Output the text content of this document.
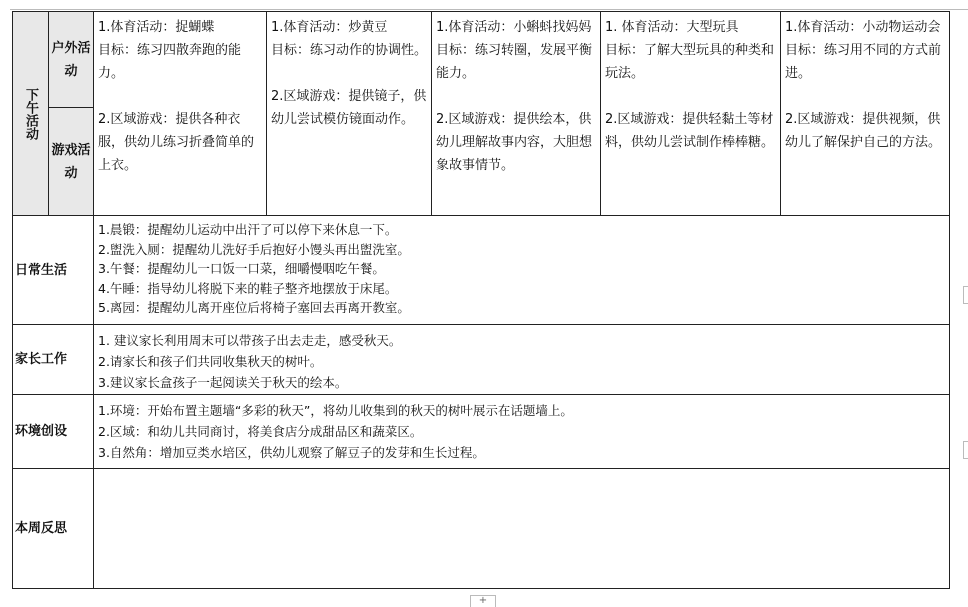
下午活动	户外活动	1.体育活动：捉蝴蝶
目标：练习四散奔跑的能力。
2.区域游戏：提供各种衣服，供幼儿练习折叠简单的上衣。	1.体育活动：炒黄豆
目标：练习动作的协调性。
2.区域游戏：提供镜子，供幼儿尝试模仿镜面动作。	1.体育活动：小蝌蚪找妈妈
目标：练习转圈，发展平衡能力。
2.区域游戏：提供绘本，供幼儿理解故事内容，大胆想象故事情节。	1. 体育活动：大型玩具
目标：了解大型玩具的种类和玩法。
2.区域游戏：提供轻黏土等材料，供幼儿尝试制作棒棒糖。	1.体育活动：小动物运动会
目标：练习用不同的方式前进。
2.区域游戏：提供视频，供幼儿了解保护自己的方法。

	游戏活动					
日常生活		1.晨锻：提醒幼儿运动中出汗了可以停下来休息一下。
2.盥洗入厕：提醒幼儿洗好手后抱好小馒头再出盥洗室。
3.午餐：提醒幼儿一口饭一口菜，细嚼慢咽吃午餐。
4.午睡：指导幼儿将脱下来的鞋子整齐地摆放于床尾。
5.离园：提醒幼儿离开座位后将椅子塞回去再离开教室。				

家长工作		1. 建议家长利用周末可以带孩子出去走走，感受秋天。
2.请家长和孩子们共同收集秋天的树叶。
3.建议家长盒孩子一起阅读关于秋天的绘本。				

环境创设		1.环境：开始布置主题墙“多彩的秋天”，将幼儿收集到的秋天的树叶展示在话题墙上。
2.区域：和幼儿共同商讨，将美食店分成甜品区和蔬菜区。
3.自然角：增加豆类水培区，供幼儿观察了解豆子的发芽和生长过程。				

本周反思						
+
